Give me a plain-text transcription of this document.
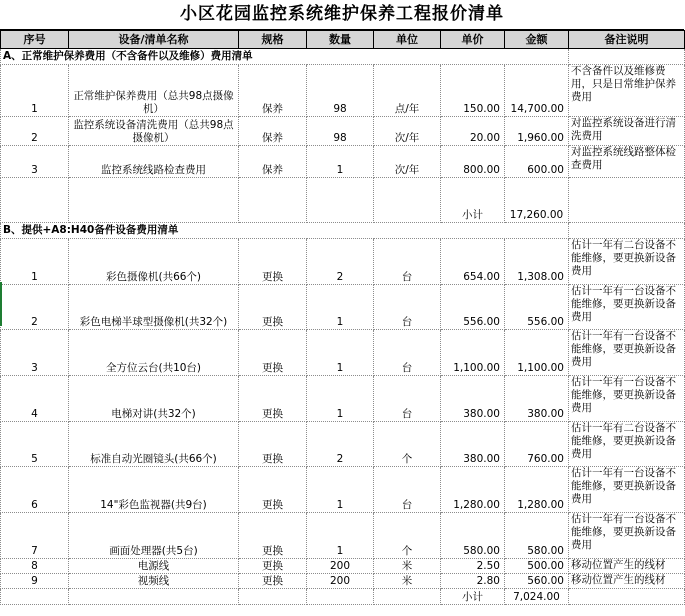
小区花园监控系统维护保养工程报价清单
序号	设备/清单名称	规格	数量	单位	单价	金额	备注说明
A、正常维护保养费用（不含备件以及维修）费用清单							
1	正常维护保养费用（总共98点摄像机）	保养	98	点/年	150.00	14,700.00	不含备件以及维修费用，只是日常维护保养费用
2	监控系统设备清洗费用（总共98点摄像机）	保养	98	次/年	20.00	1,960.00	对监控系统设备进行清洗费用
3	监控系统线路检查费用	保养	1	次/年	800.00	600.00	对监控系统线路整体检查费用
					小计	17,260.00	
B、提供+A8:H40备件设备费用清单							
1	彩色摄像机(共66个)	更换	2	台	654.00	1,308.00	估计一年有二台设备不能维修，要更换新设备费用
2	彩色电梯半球型摄像机(共32个)	更换	1	台	556.00	556.00	估计一年有一台设备不能维修，要更换新设备费用
3	全方位云台(共10台)	更换	1	台	1,100.00	1,100.00	估计一年有一台设备不能维修，要更换新设备费用
4	电梯对讲(共32个)	更换	1	台	380.00	380.00	估计一年有一台设备不能维修，要更换新设备费用
5	标准自动光圈镜头(共66个)	更换	2	个	380.00	760.00	估计一年有二台设备不能维修，要更换新设备费用
6	14"彩色监视器(共9台)	更换	1	台	1,280.00	1,280.00	估计一年有一台设备不能维修，要更换新设备费用
7	画面处理器(共5台)	更换	1	个	580.00	580.00	估计一年有一台设备不能维修，要更换新设备费用
8	电源线	更换	200	米	2.50	500.00	移动位置产生的线材
9	视频线	更换	200	米	2.80	560.00	移动位置产生的线材
					小计	7,024.00	
